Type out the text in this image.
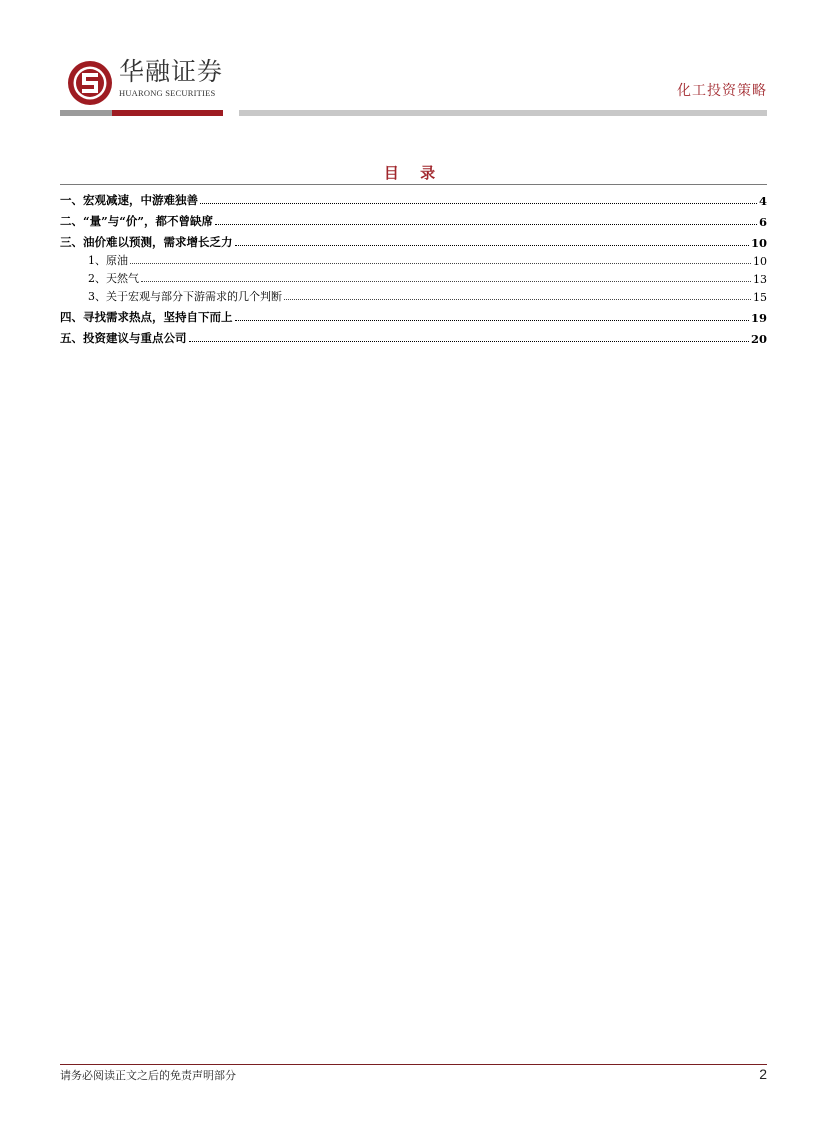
华融证券
HUARONG SECURITIES	化工投资策略
目 录
一、宏观减速，中游难独善	4
二、“量”与“价”，都不曾缺席	6
三、油价难以预测，需求增长乏力	10
1、原油	10
2、天然气	13
3、关于宏观与部分下游需求的几个判断	15
四、寻找需求热点，坚持自下而上	19
五、投资建议与重点公司	20
请务必阅读正文之后的免责声明部分	2
